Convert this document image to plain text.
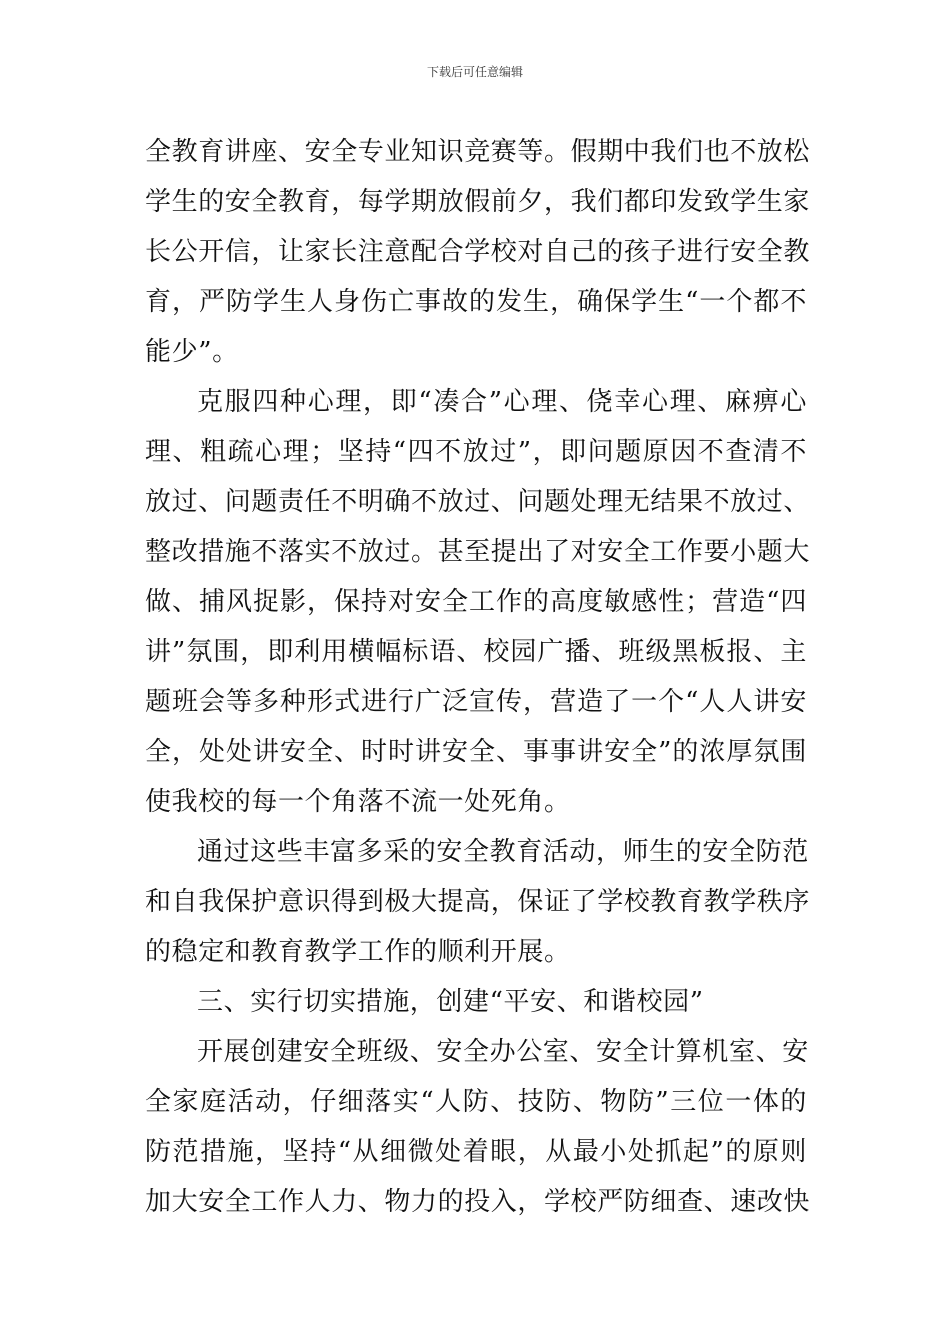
下载后可任意编辑
全教育讲座、安全专业知识竞赛等。假期中我们也不放松
学生的安全教育，每学期放假前夕，我们都印发致学生家
长公开信，让家长注意配合学校对自己的孩子进行安全教
育，严防学生人身伤亡事故的发生，确保学生“一个都不
能少”。
克服四种心理，即“凑合”心理、侥幸心理、麻痹心
理、粗疏心理；坚持“四不放过”，即问题原因不查清不
放过、问题责任不明确不放过、问题处理无结果不放过、
整改措施不落实不放过。甚至提出了对安全工作要小题大
做、捕风捉影，保持对安全工作的高度敏感性；营造“四
讲”氛围，即利用横幅标语、校园广播、班级黑板报、主
题班会等多种形式进行广泛宣传，营造了一个“人人讲安
全，处处讲安全、时时讲安全、事事讲安全”的浓厚氛围
使我校的每一个角落不流一处死角。
通过这些丰富多采的安全教育活动，师生的安全防范
和自我保护意识得到极大提高，保证了学校教育教学秩序
的稳定和教育教学工作的顺利开展。
三、实行切实措施，创建“平安、和谐校园”
开展创建安全班级、安全办公室、安全计算机室、安
全家庭活动，仔细落实“人防、技防、物防”三位一体的
防范措施，坚持“从细微处着眼，从最小处抓起”的原则
加大安全工作人力、物力的投入，学校严防细查、速改快
